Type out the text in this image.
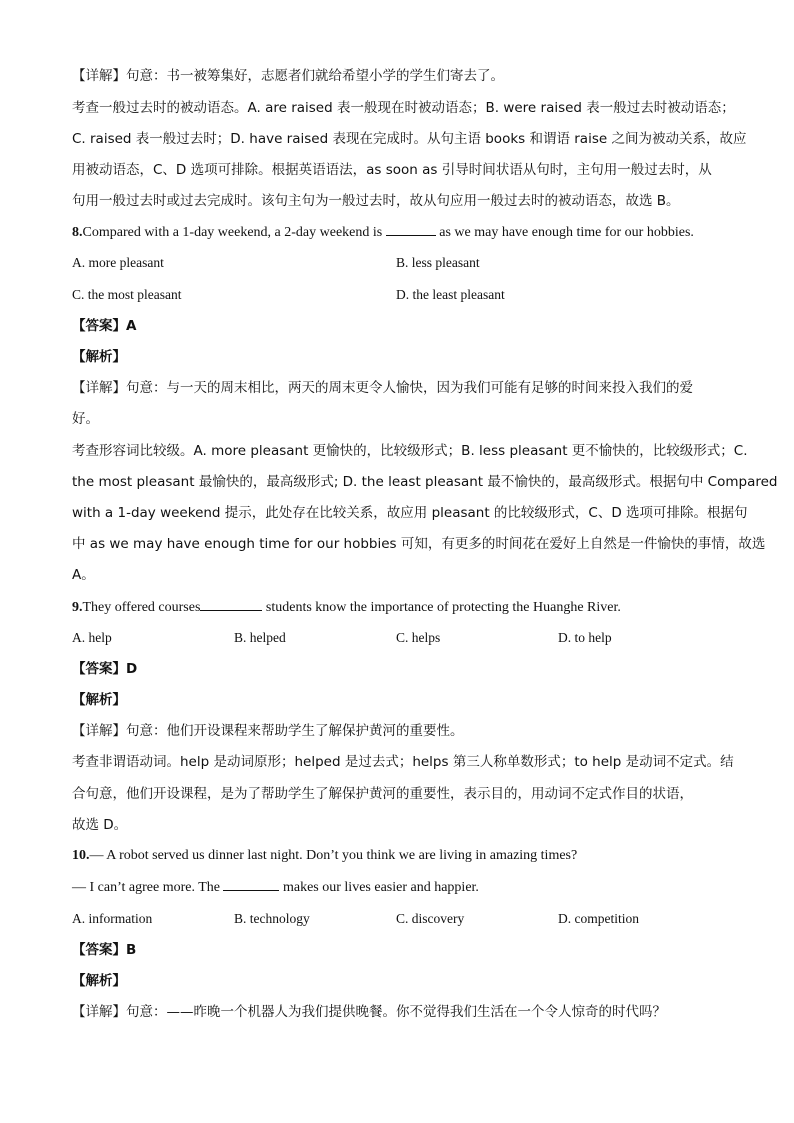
【详解】句意：书一被筹集好，志愿者们就给希望小学的学生们寄去了。
考查一般过去时的被动语态。A. are raised 表一般现在时被动语态；B. were raised 表一般过去时被动语态；
C. raised 表一般过去时；D. have raised 表现在完成时。从句主语 books 和谓语 raise 之间为被动关系，故应
用被动语态，C、D 选项可排除。根据英语语法，as soon as 引导时间状语从句时，主句用一般过去时，从
句用一般过去时或过去完成时。该句主句为一般过去时，故从句应用一般过去时的被动语态，故选 B。
8.Compared with a 1-day weekend, a 2-day weekend is	as we may have enough time for our hobbies.
A. more pleasant	B. less pleasant
C. the most pleasant	D. the least pleasant
【答案】A
【解析】
【详解】句意：与一天的周末相比，两天的周末更令人愉快，因为我们可能有足够的时间来投入我们的爱
好。
考查形容词比较级。A. more pleasant 更愉快的，比较级形式；B. less pleasant 更不愉快的，比较级形式；C.
the most pleasant 最愉快的，最高级形式; D. the least pleasant 最不愉快的，最高级形式。根据句中 Compared
with a 1-day weekend 提示，此处存在比较关系，故应用 pleasant 的比较级形式，C、D 选项可排除。根据句
中 as we may have enough time for our hobbies 可知，有更多的时间花在爱好上自然是一件愉快的事情，故选
A。
9.They offered courses	students know the importance of protecting the Huanghe River.
A. help	B. helped	C. helps	D. to help
【答案】D
【解析】
【详解】句意：他们开设课程来帮助学生了解保护黄河的重要性。
考查非谓语动词。help 是动词原形；helped 是过去式；helps 第三人称单数形式；to help 是动词不定式。结
合句意，他们开设课程，是为了帮助学生了解保护黄河的重要性，表示目的，用动词不定式作目的状语，
故选 D。
10.— A robot served us dinner last night. Don’t you think we are living in amazing times?
— I can’t agree more. The	makes our lives easier and happier.
A. information	B. technology	C. discovery	D. competition
【答案】B
【解析】
【详解】句意：——昨晚一个机器人为我们提供晚餐。你不觉得我们生活在一个令人惊奇的时代吗？
